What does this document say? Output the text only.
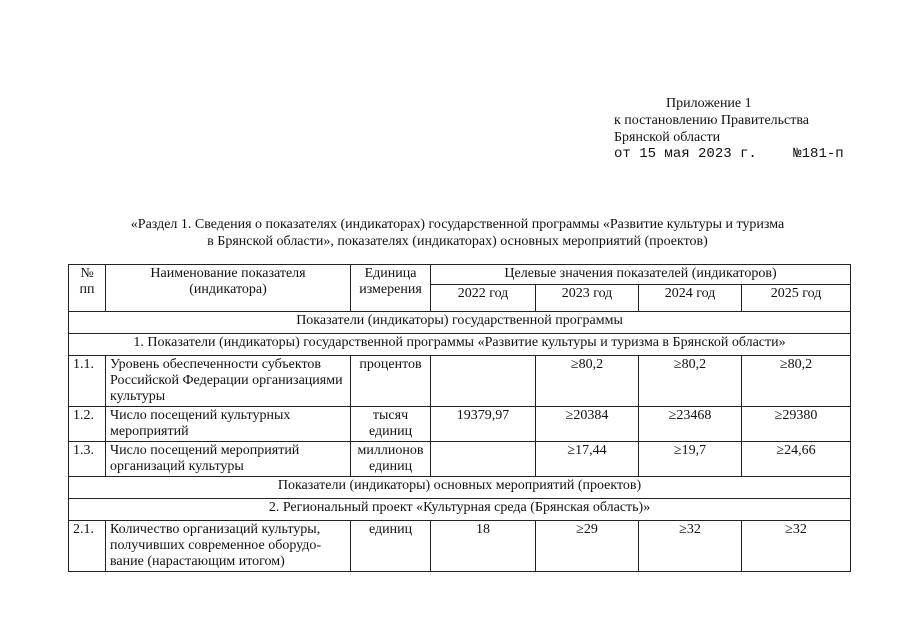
Приложение 1
к постановлению Правительства
Брянской области
от 15 мая 2023 г.	№181-п
«Раздел 1. Сведения о показателях (индикаторах) государственной программы «Развитие культуры и туризма
в Брянской области», показателях (индикаторах) основных мероприятий (проектов)
№ пп	Наименование показателя (индикатора)	Единица измерения	Целевые значения показателей (индикаторов)			
			2022 год	2023 год	2024 год	2025 год
Показатели (индикаторы) государственной программы						
1. Показатели (индикаторы) государственной программы «Развитие культуры и туризма в Брянской области»						
1.1.	Уровень обеспеченности субъектов Российской Федерации организациями культуры	процентов		≥80,2	≥80,2	≥80,2
1.2.	Число посещений культурных мероприятий	тысяч единиц	19379,97	≥20384	≥23468	≥29380
1.3.	Число посещений мероприятий организаций культуры	миллионов единиц		≥17,44	≥19,7	≥24,66
Показатели (индикаторы) основных мероприятий (проектов)						
2. Региональный проект «Культурная среда (Брянская область)»						
2.1.	Количество организаций культуры, получивших современное оборудо-вание (нарастающим итогом)	единиц	18	≥29	≥32	≥32
